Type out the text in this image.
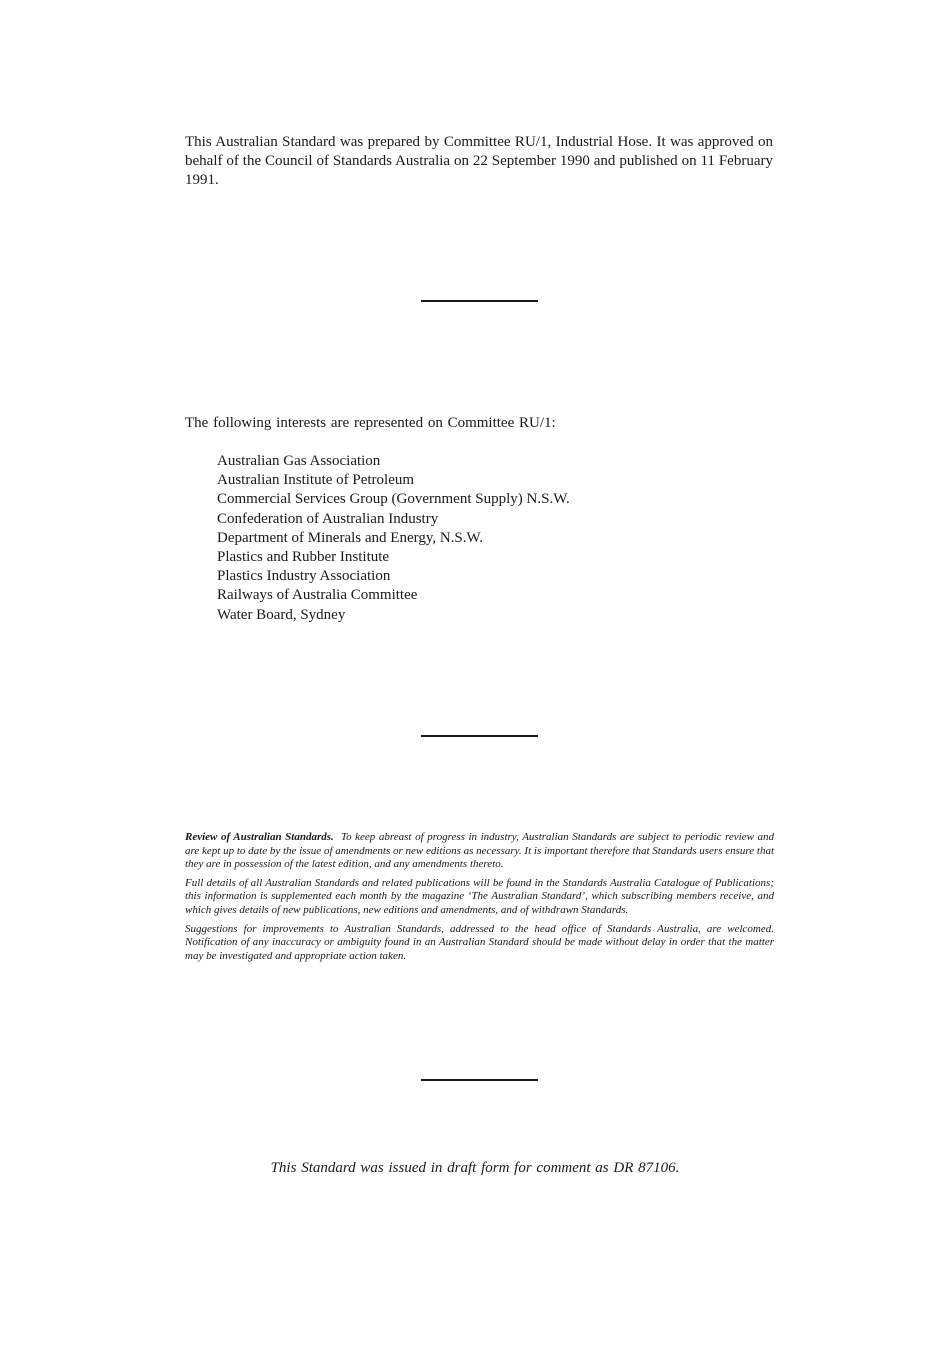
This Australian Standard was prepared by Committee RU/1, Industrial Hose. It was approved on behalf of the Council of Standards Australia on 22 September 1990 and published on 11 February 1991.
The following interests are represented on Committee RU/1:
Australian Gas Association
Australian Institute of Petroleum
Commercial Services Group (Government Supply) N.S.W.
Confederation of Australian Industry
Department of Minerals and Energy, N.S.W.
Plastics and Rubber Institute
Plastics Industry Association
Railways of Australia Committee
Water Board, Sydney

Review of Australian Standards. To keep abreast of progress in industry, Australian Standards are subject to periodic review and are kept up to date by the issue of amendments or new editions as necessary. It is important therefore that Standards users ensure that they are in possession of the latest edition, and any amendments thereto.

Full details of all Australian Standards and related publications will be found in the Standards Australia Catalogue of Publications; this information is supplemented each month by the magazine ‘The Australian Standard’, which subscribing members receive, and which gives details of new publications, new editions and amendments, and of withdrawn Standards.

Suggestions for improvements to Australian Standards, addressed to the head office of Standards Australia, are welcomed. Notification of any inaccuracy or ambiguity found in an Australian Standard should be made without delay in order that the matter may be investigated and appropriate action taken.

This Standard was issued in draft form for comment as DR 87106.
